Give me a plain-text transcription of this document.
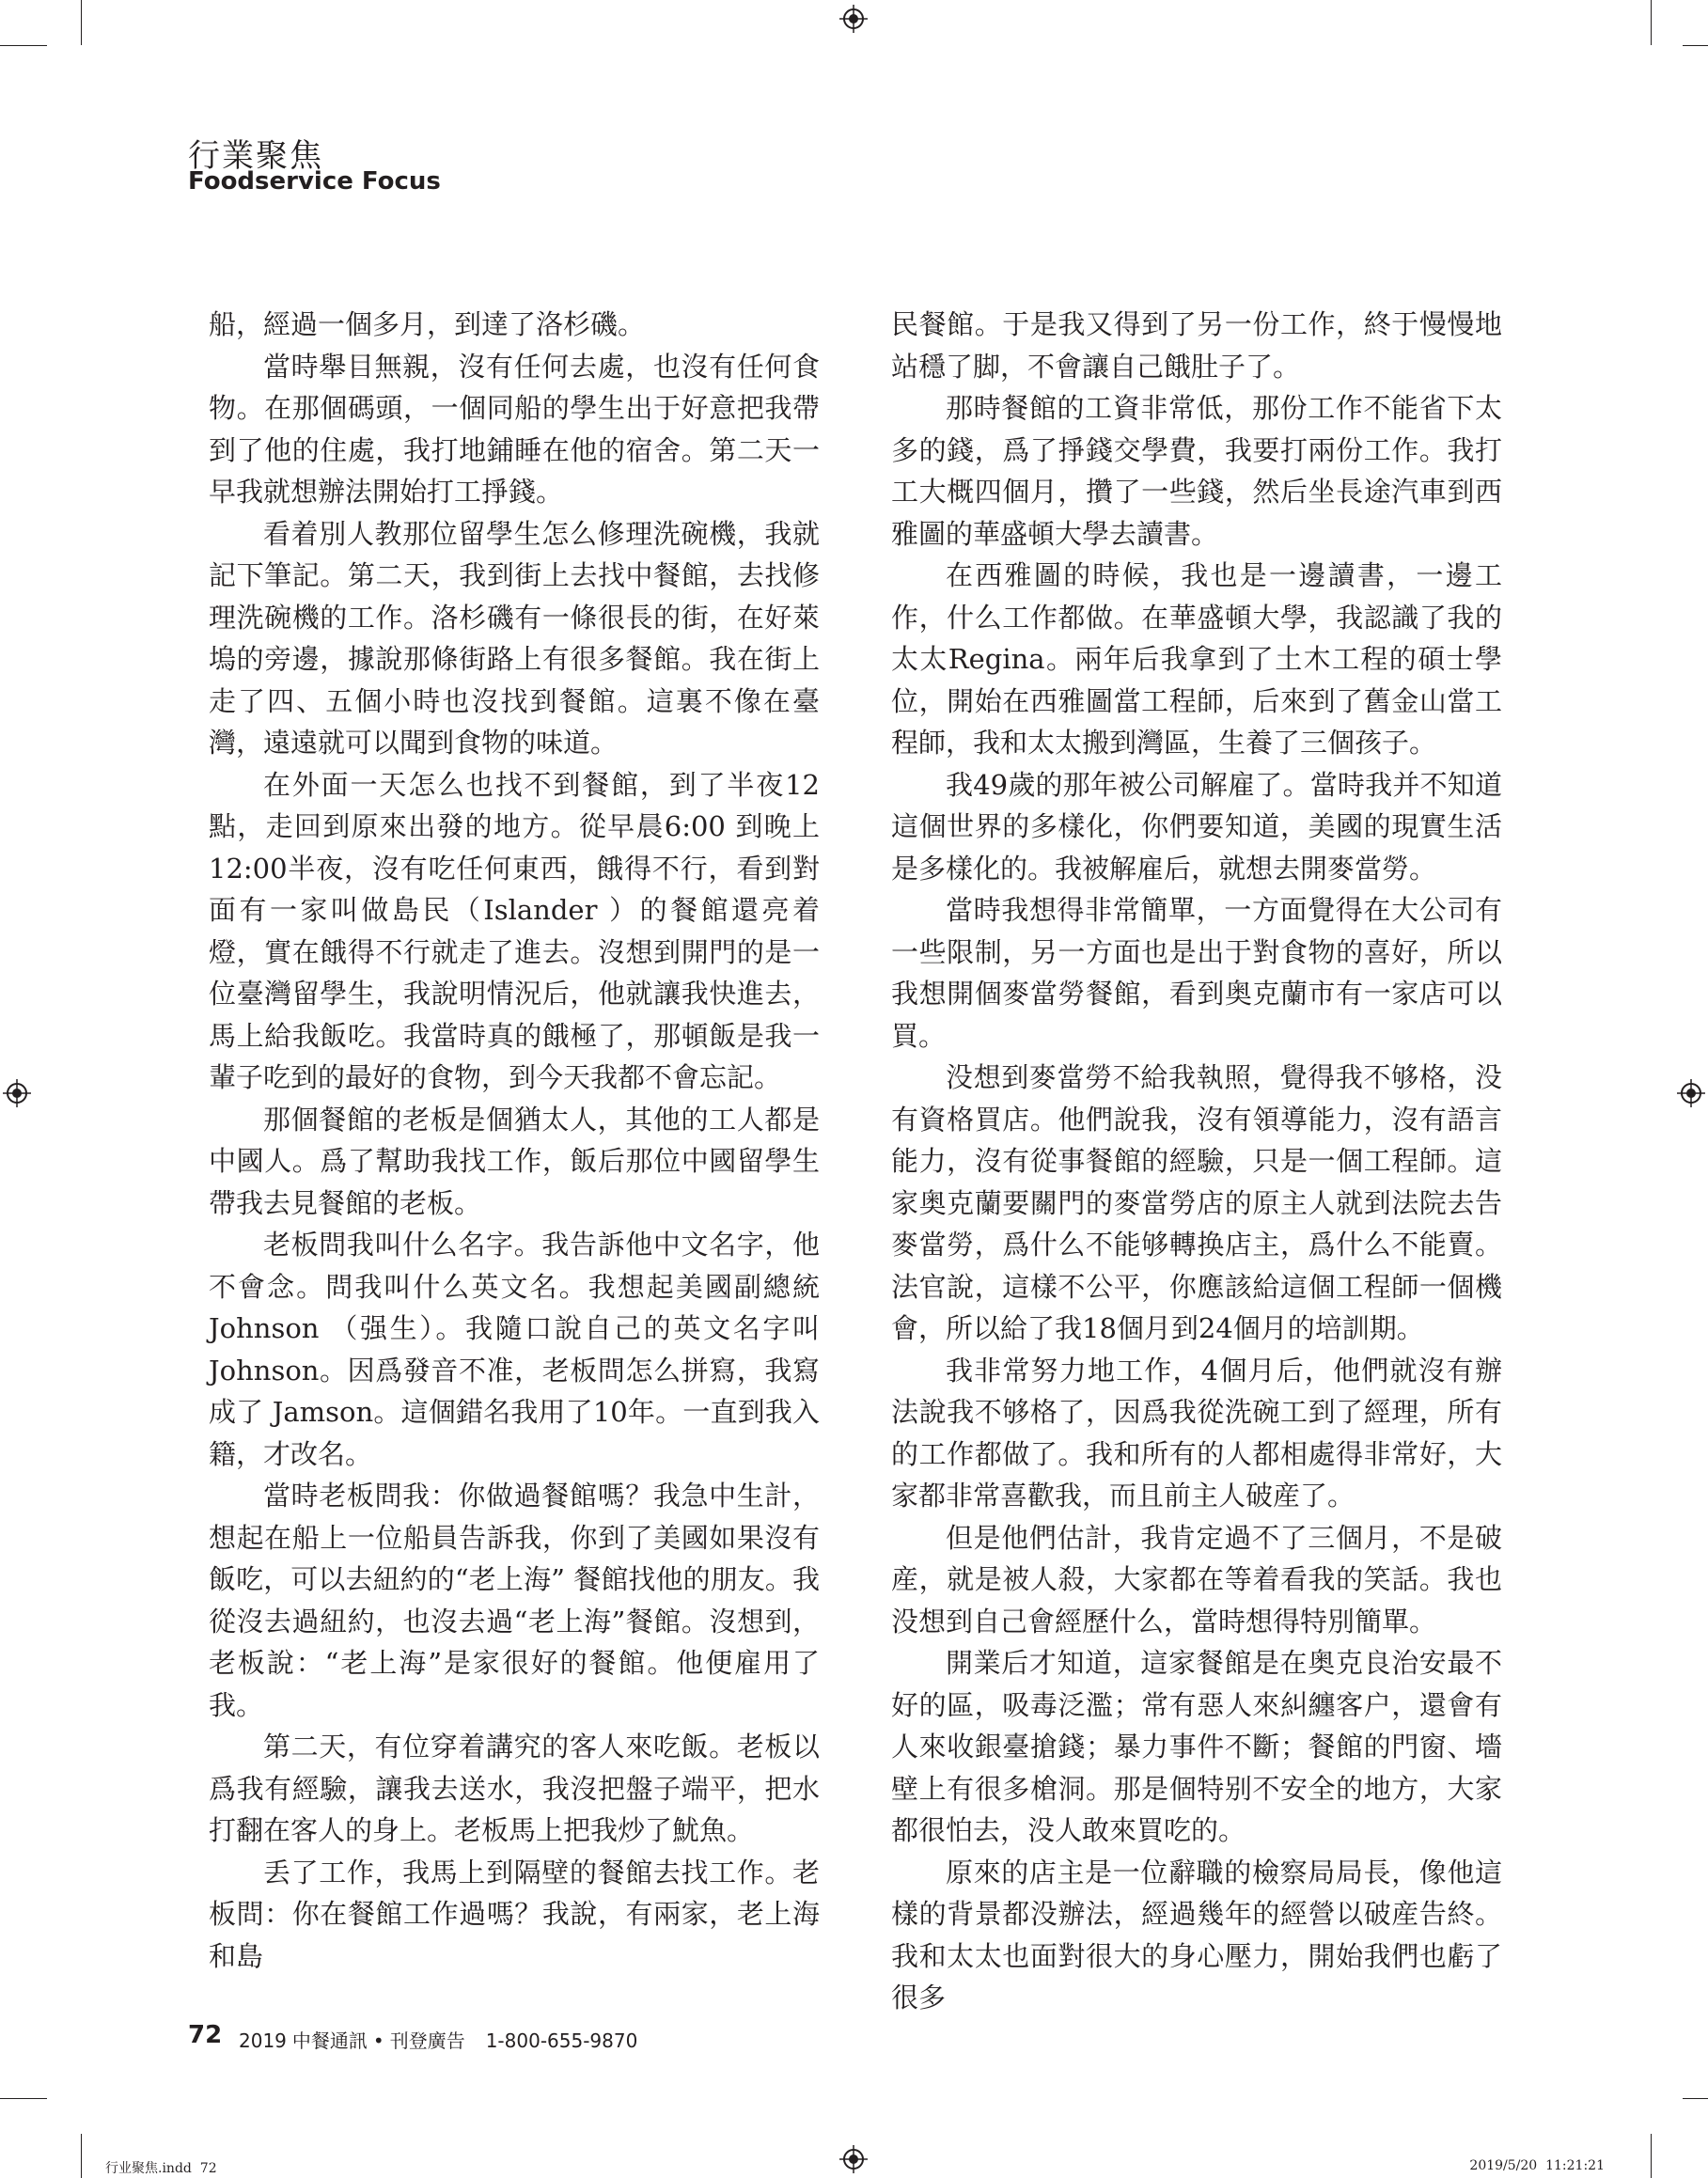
行業聚焦
Foodservice Focus

船，經過一個多月，到達了洛杉磯。

當時舉目無親，沒有任何去處，也沒有任何食物。在那個碼頭，一個同船的學生出于好意把我帶到了他的住處，我打地鋪睡在他的宿舍。第二天一早我就想辦法開始打工掙錢。

看着別人教那位留學生怎么修理洗碗機，我就記下筆記。第二天，我到街上去找中餐館，去找修理洗碗機的工作。洛杉磯有一條很長的街，在好萊塢的旁邊，據說那條街路上有很多餐館。我在街上走了四、五個小時也沒找到餐館。這裏不像在臺灣，遠遠就可以聞到食物的味道。

在外面一天怎么也找不到餐館，到了半夜12點，走回到原來出發的地方。從早晨6:00 到晚上12:00半夜，沒有吃任何東西，餓得不行，看到對面有一家叫做島民（Islander ）的餐館還亮着燈，實在餓得不行就走了進去。沒想到開門的是一位臺灣留學生，我說明情況后，他就讓我快進去，馬上給我飯吃。我當時真的餓極了，那頓飯是我一輩子吃到的最好的食物，到今天我都不會忘記。

那個餐館的老板是個猶太人，其他的工人都是中國人。爲了幫助我找工作，飯后那位中國留學生帶我去見餐館的老板。

老板問我叫什么名字。我告訴他中文名字，他不會念。問我叫什么英文名。我想起美國副總統 Johnson （强生）。我隨口說自己的英文名字叫Johnson。因爲發音不准，老板問怎么拼寫，我寫成了 Jamson。這個錯名我用了10年。一直到我入籍，才改名。

當時老板問我：你做過餐館嗎？我急中生計，想起在船上一位船員告訴我，你到了美國如果沒有飯吃，可以去紐約的“老上海” 餐館找他的朋友。我從沒去過紐約，也沒去過“老上海”餐館。沒想到，老板說：“老上海”是家很好的餐館。他便雇用了我。

第二天，有位穿着講究的客人來吃飯。老板以爲我有經驗，讓我去送水，我沒把盤子端平，把水打翻在客人的身上。老板馬上把我炒了魷魚。

丢了工作，我馬上到隔壁的餐館去找工作。老板問：你在餐館工作過嗎？我說，有兩家，老上海和島

民餐館。于是我又得到了另一份工作，終于慢慢地站穩了脚，不會讓自己餓肚子了。

那時餐館的工資非常低，那份工作不能省下太多的錢，爲了掙錢交學費，我要打兩份工作。我打工大概四個月，攢了一些錢，然后坐長途汽車到西雅圖的華盛頓大學去讀書。

在西雅圖的時候，我也是一邊讀書，一邊工作，什么工作都做。在華盛頓大學，我認識了我的太太Regina。兩年后我拿到了土木工程的碩士學位，開始在西雅圖當工程師，后來到了舊金山當工程師，我和太太搬到灣區，生養了三個孩子。

我49歲的那年被公司解雇了。當時我并不知道這個世界的多樣化，你們要知道，美國的現實生活是多樣化的。我被解雇后，就想去開麥當勞。

當時我想得非常簡單，一方面覺得在大公司有一些限制，另一方面也是出于對食物的喜好，所以我想開個麥當勞餐館，看到奥克蘭市有一家店可以買。

没想到麥當勞不給我執照，覺得我不够格，没有資格買店。他們說我，沒有領導能力，沒有語言能力，沒有從事餐館的經驗，只是一個工程師。這家奥克蘭要關門的麥當勞店的原主人就到法院去告麥當勞，爲什么不能够轉换店主，爲什么不能賣。法官說，這樣不公平，你應該給這個工程師一個機會，所以給了我18個月到24個月的培訓期。

我非常努力地工作，4個月后，他們就沒有辦法說我不够格了，因爲我從洗碗工到了經理，所有的工作都做了。我和所有的人都相處得非常好，大家都非常喜歡我，而且前主人破産了。

但是他們估計，我肯定過不了三個月，不是破産，就是被人殺，大家都在等着看我的笑話。我也没想到自己會經歷什么，當時想得特別簡單。

開業后才知道，這家餐館是在奥克良治安最不好的區，吸毒泛濫；常有惡人來糾纏客户，還會有人來收銀臺搶錢；暴力事件不斷；餐館的門窗、墻壁上有很多槍洞。那是個特别不安全的地方，大家都很怕去，没人敢來買吃的。

原來的店主是一位辭職的檢察局局長，像他這樣的背景都没辦法，經過幾年的經營以破産告終。我和太太也面對很大的身心壓力，開始我們也虧了很多

72 2019 中餐通訊 • 刊登廣告 1-800-655-9870
行业聚焦.indd 72	2019/5/20 11:21:21
